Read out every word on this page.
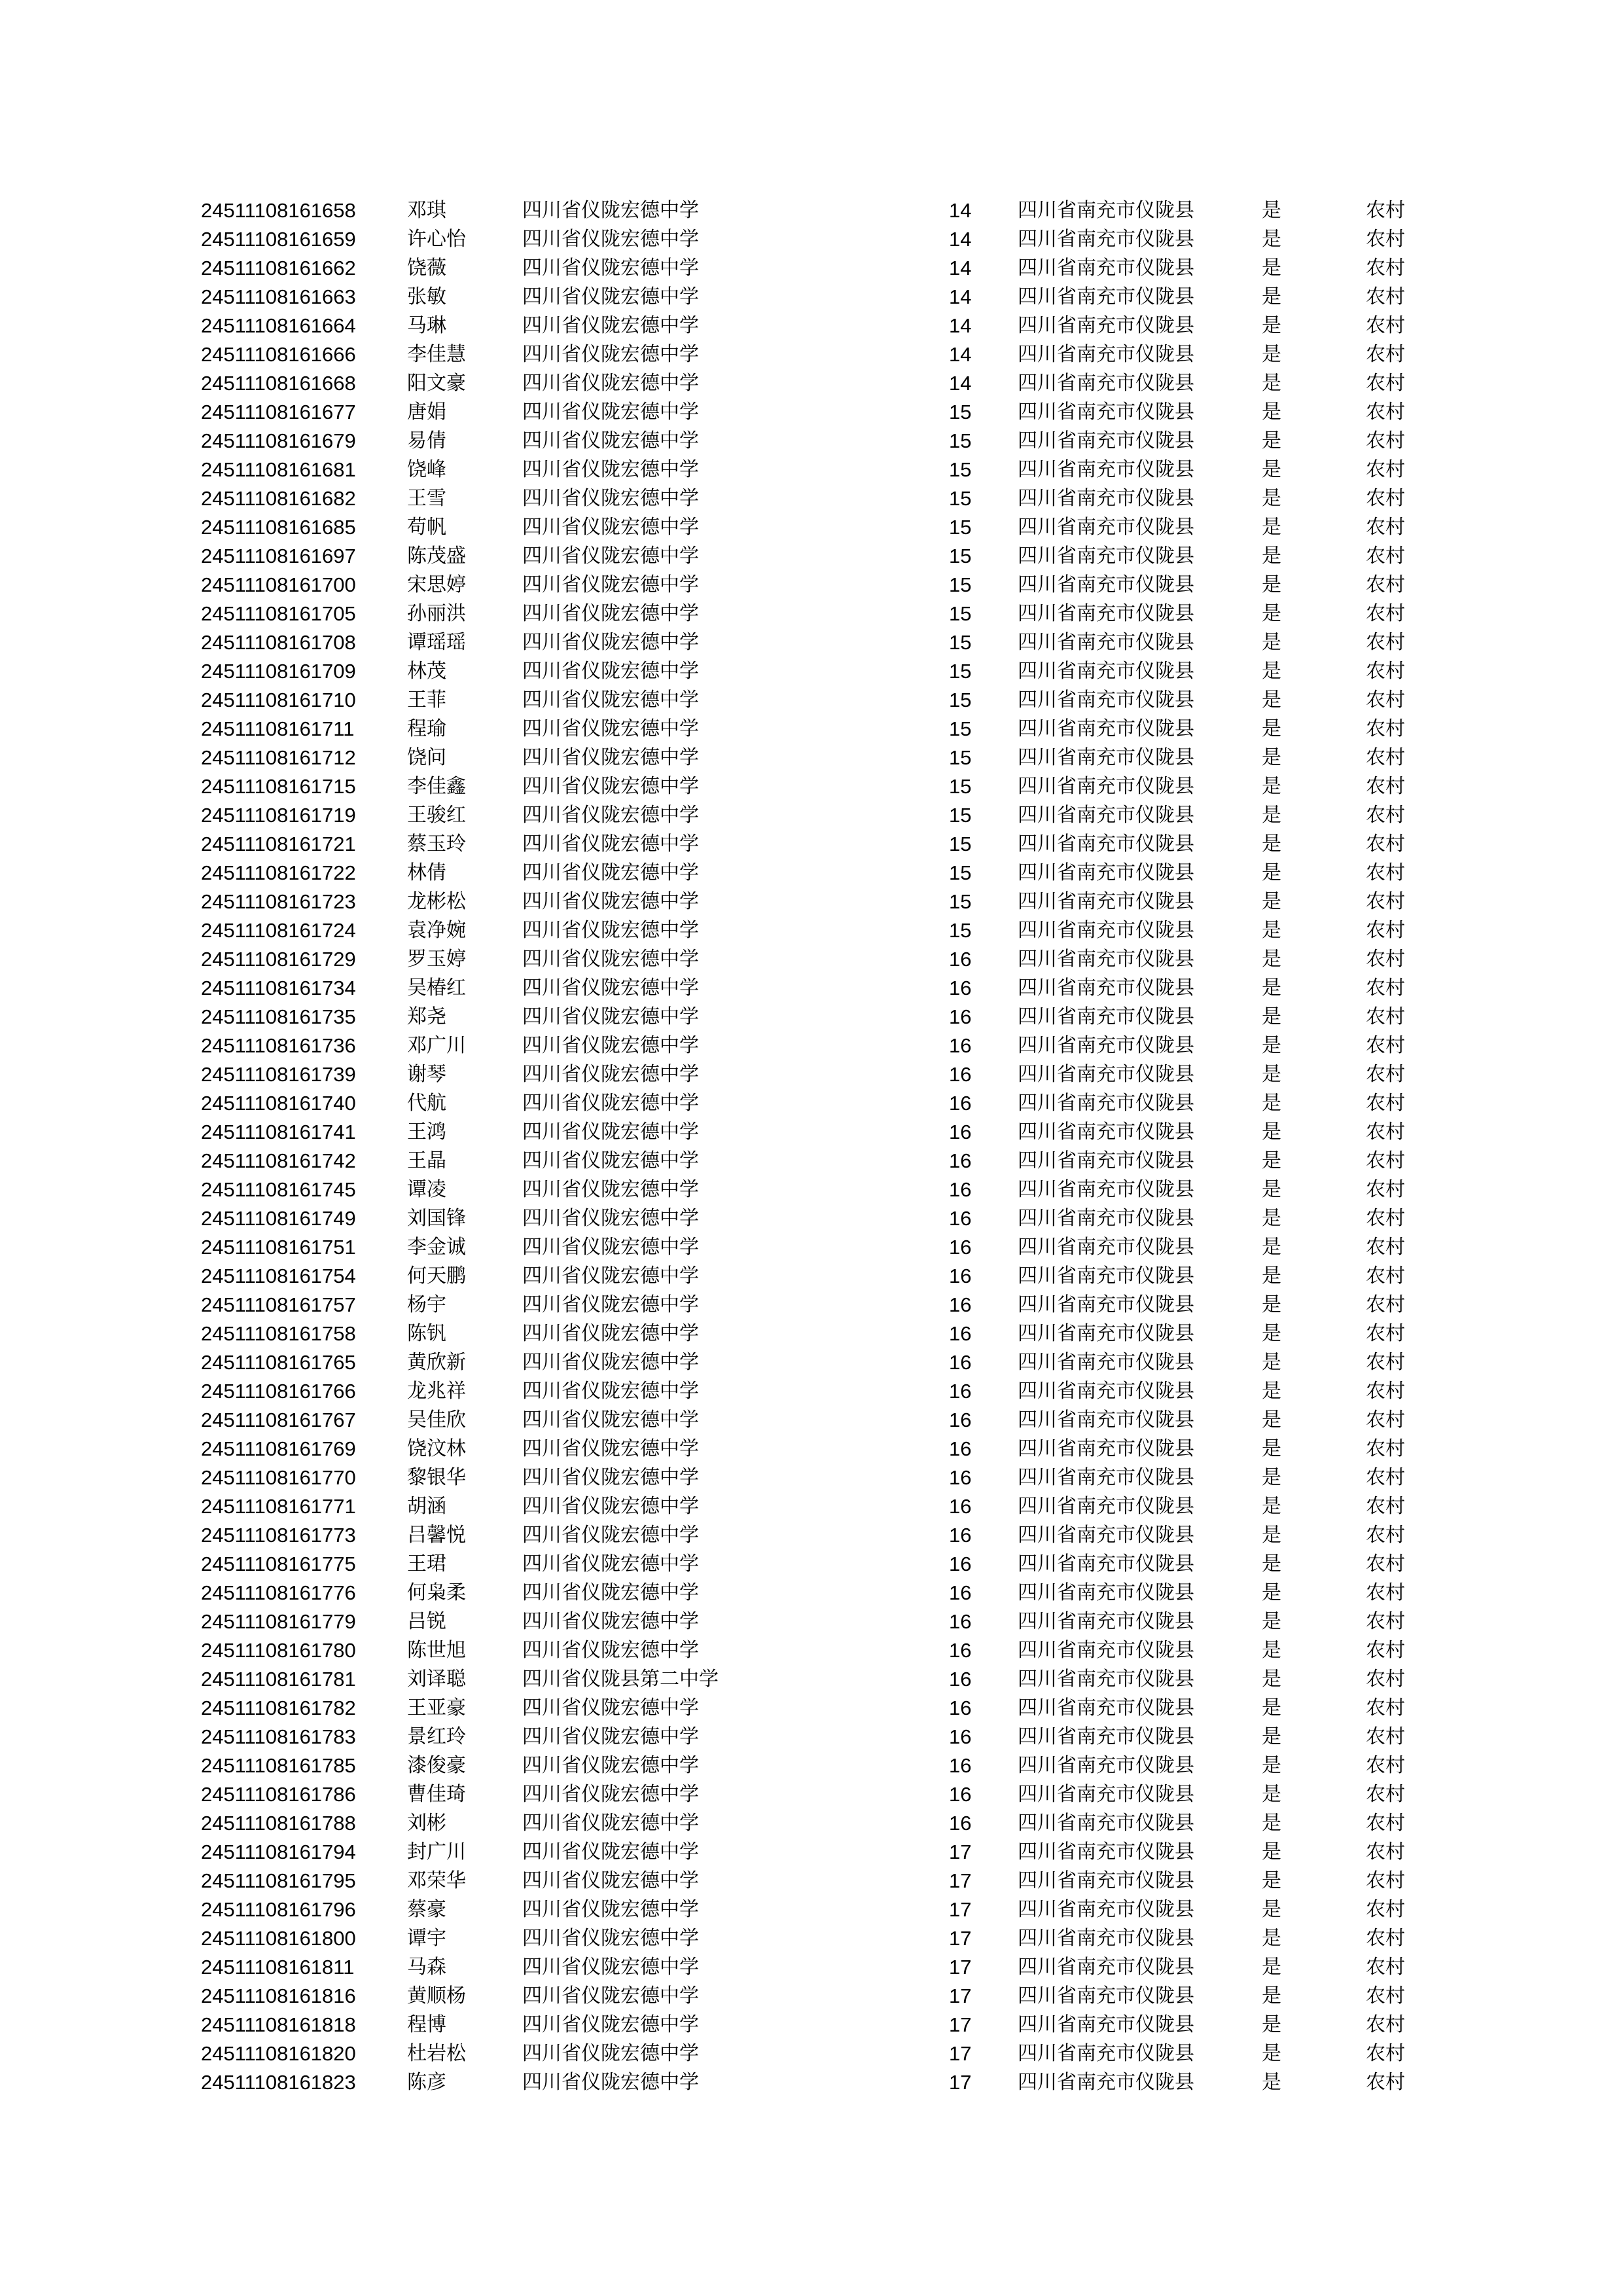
24511108161658	邓琪	四川省仪陇宏德中学	14 四川省南充市仪陇县	是	农村
24511108161659	许心怡	四川省仪陇宏德中学	14 四川省南充市仪陇县	是	农村
24511108161662	饶薇	四川省仪陇宏德中学	14 四川省南充市仪陇县	是	农村
24511108161663	张敏	四川省仪陇宏德中学	14 四川省南充市仪陇县	是	农村
24511108161664	马琳	四川省仪陇宏德中学	14 四川省南充市仪陇县	是	农村
24511108161666	李佳慧	四川省仪陇宏德中学	14 四川省南充市仪陇县	是	农村
24511108161668	阳文豪	四川省仪陇宏德中学	14 四川省南充市仪陇县	是	农村
24511108161677	唐娟	四川省仪陇宏德中学	15 四川省南充市仪陇县	是	农村
24511108161679	易倩	四川省仪陇宏德中学	15 四川省南充市仪陇县	是	农村
24511108161681	饶峰	四川省仪陇宏德中学	15 四川省南充市仪陇县	是	农村
24511108161682	王雪	四川省仪陇宏德中学	15 四川省南充市仪陇县	是	农村
24511108161685	苟帆	四川省仪陇宏德中学	15 四川省南充市仪陇县	是	农村
24511108161697	陈茂盛	四川省仪陇宏德中学	15 四川省南充市仪陇县	是	农村
24511108161700	宋思婷	四川省仪陇宏德中学	15 四川省南充市仪陇县	是	农村
24511108161705	孙丽洪	四川省仪陇宏德中学	15 四川省南充市仪陇县	是	农村
24511108161708	谭瑶瑶	四川省仪陇宏德中学	15 四川省南充市仪陇县	是	农村
24511108161709	林茂	四川省仪陇宏德中学	15 四川省南充市仪陇县	是	农村
24511108161710	王菲	四川省仪陇宏德中学	15 四川省南充市仪陇县	是	农村
24511108161711	程瑜	四川省仪陇宏德中学	15 四川省南充市仪陇县	是	农村
24511108161712	饶问	四川省仪陇宏德中学	15 四川省南充市仪陇县	是	农村
24511108161715	李佳鑫	四川省仪陇宏德中学	15 四川省南充市仪陇县	是	农村
24511108161719	王骏红	四川省仪陇宏德中学	15 四川省南充市仪陇县	是	农村
24511108161721	蔡玉玲	四川省仪陇宏德中学	15 四川省南充市仪陇县	是	农村
24511108161722	林倩	四川省仪陇宏德中学	15 四川省南充市仪陇县	是	农村
24511108161723	龙彬松	四川省仪陇宏德中学	15 四川省南充市仪陇县	是	农村
24511108161724	袁净婉	四川省仪陇宏德中学	15 四川省南充市仪陇县	是	农村
24511108161729	罗玉婷	四川省仪陇宏德中学	16 四川省南充市仪陇县	是	农村
24511108161734	吴椿红	四川省仪陇宏德中学	16 四川省南充市仪陇县	是	农村
24511108161735	郑尧	四川省仪陇宏德中学	16 四川省南充市仪陇县	是	农村
24511108161736	邓广川	四川省仪陇宏德中学	16 四川省南充市仪陇县	是	农村
24511108161739	谢琴	四川省仪陇宏德中学	16 四川省南充市仪陇县	是	农村
24511108161740	代航	四川省仪陇宏德中学	16 四川省南充市仪陇县	是	农村
24511108161741	王鸿	四川省仪陇宏德中学	16 四川省南充市仪陇县	是	农村
24511108161742	王晶	四川省仪陇宏德中学	16 四川省南充市仪陇县	是	农村
24511108161745	谭凌	四川省仪陇宏德中学	16 四川省南充市仪陇县	是	农村
24511108161749	刘国锋	四川省仪陇宏德中学	16 四川省南充市仪陇县	是	农村
24511108161751	李金诚	四川省仪陇宏德中学	16 四川省南充市仪陇县	是	农村
24511108161754	何天鹏	四川省仪陇宏德中学	16 四川省南充市仪陇县	是	农村
24511108161757	杨宇	四川省仪陇宏德中学	16 四川省南充市仪陇县	是	农村
24511108161758	陈钒	四川省仪陇宏德中学	16 四川省南充市仪陇县	是	农村
24511108161765	黄欣新	四川省仪陇宏德中学	16 四川省南充市仪陇县	是	农村
24511108161766	龙兆祥	四川省仪陇宏德中学	16 四川省南充市仪陇县	是	农村
24511108161767	吴佳欣	四川省仪陇宏德中学	16 四川省南充市仪陇县	是	农村
24511108161769	饶汶林	四川省仪陇宏德中学	16 四川省南充市仪陇县	是	农村
24511108161770	黎银华	四川省仪陇宏德中学	16 四川省南充市仪陇县	是	农村
24511108161771	胡涵	四川省仪陇宏德中学	16 四川省南充市仪陇县	是	农村
24511108161773	吕馨悦	四川省仪陇宏德中学	16 四川省南充市仪陇县	是	农村
24511108161775	王珺	四川省仪陇宏德中学	16 四川省南充市仪陇县	是	农村
24511108161776	何枭柔	四川省仪陇宏德中学	16 四川省南充市仪陇县	是	农村
24511108161779	吕锐	四川省仪陇宏德中学	16 四川省南充市仪陇县	是	农村
24511108161780	陈世旭	四川省仪陇宏德中学	16 四川省南充市仪陇县	是	农村
24511108161781	刘译聪	四川省仪陇县第二中学	16 四川省南充市仪陇县	是	农村
24511108161782	王亚豪	四川省仪陇宏德中学	16 四川省南充市仪陇县	是	农村
24511108161783	景红玲	四川省仪陇宏德中学	16 四川省南充市仪陇县	是	农村
24511108161785	漆俊豪	四川省仪陇宏德中学	16 四川省南充市仪陇县	是	农村
24511108161786	曹佳琦	四川省仪陇宏德中学	16 四川省南充市仪陇县	是	农村
24511108161788	刘彬	四川省仪陇宏德中学	16 四川省南充市仪陇县	是	农村
24511108161794	封广川	四川省仪陇宏德中学	17 四川省南充市仪陇县	是	农村
24511108161795	邓荣华	四川省仪陇宏德中学	17 四川省南充市仪陇县	是	农村
24511108161796	蔡豪	四川省仪陇宏德中学	17 四川省南充市仪陇县	是	农村
24511108161800	谭宇	四川省仪陇宏德中学	17 四川省南充市仪陇县	是	农村
24511108161811	马森	四川省仪陇宏德中学	17 四川省南充市仪陇县	是	农村
24511108161816	黄顺杨	四川省仪陇宏德中学	17 四川省南充市仪陇县	是	农村
24511108161818	程博	四川省仪陇宏德中学	17 四川省南充市仪陇县	是	农村
24511108161820	杜岩松	四川省仪陇宏德中学	17 四川省南充市仪陇县	是	农村
24511108161823	陈彦	四川省仪陇宏德中学	17 四川省南充市仪陇县	是	农村
